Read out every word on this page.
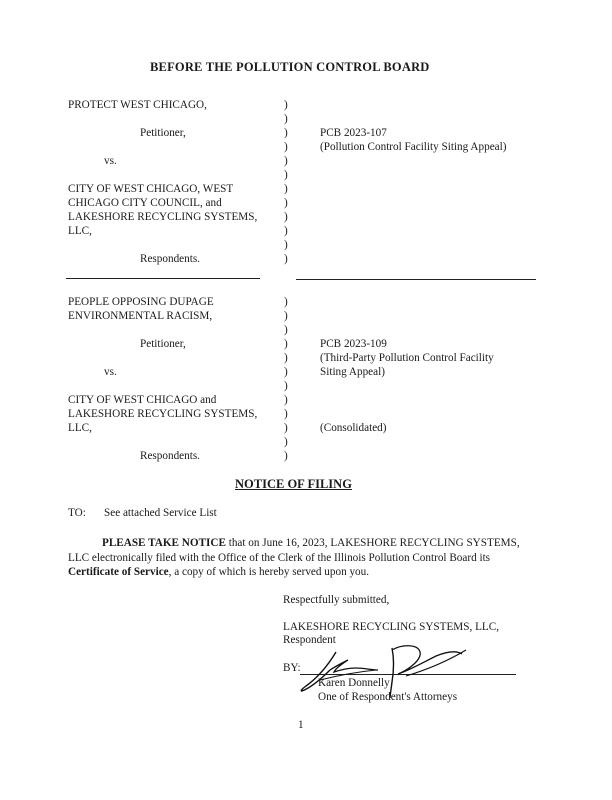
BEFORE THE POLLUTION CONTROL BOARD
PROTECT WEST CHICAGO,
Petitioner,
vs.
CITY OF WEST CHICAGO, WEST
CHICAGO CITY COUNCIL, and
LAKESHORE RECYCLING SYSTEMS,
LLC,
Respondents.
PCB 2023-107
(Pollution Control Facility Siting Appeal)
)
)
)
)
)
)
)
)
)
)
)
)
PEOPLE OPPOSING DUPAGE
ENVIRONMENTAL RACISM,
Petitioner,
vs.
CITY OF WEST CHICAGO and
LAKESHORE RECYCLING SYSTEMS,
LLC,
Respondents.
PCB 2023-109
(Third-Party Pollution Control Facility
Siting Appeal)
(Consolidated)
)
)
)
)
)
)
)
)
)
)
)
)
NOTICE OF FILING
TO: See attached Service List
PLEASE TAKE NOTICE that on June 16, 2023, LAKESHORE RECYCLING SYSTEMS, LLC electronically filed with the Office of the Clerk of the Illinois Pollution Control Board its Certificate of Service, a copy of which is hereby served upon you.
Respectfully submitted,
LAKESHORE RECYCLING SYSTEMS, LLC,
Respondent
BY:
Karen Donnelly
One of Respondent's Attorneys
1
